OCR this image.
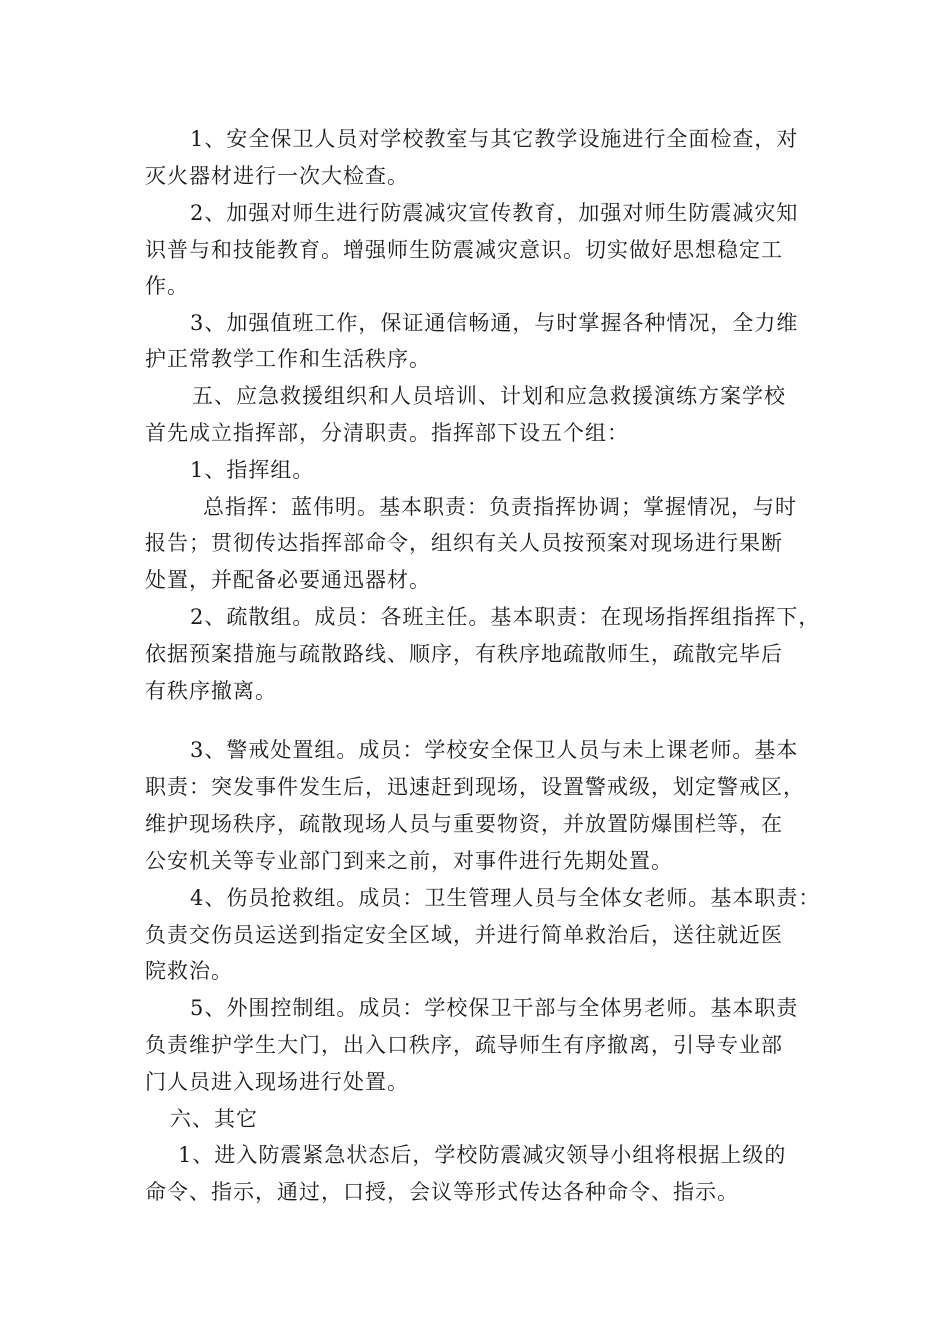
1、安全保卫人员对学校教室与其它教学设施进行全面检查，对
灭火器材进行一次大检查。
2、加强对师生进行防震减灾宣传教育，加强对师生防震减灾知
识普与和技能教育。增强师生防震减灾意识。切实做好思想稳定工
作。
3、加强值班工作，保证通信畅通，与时掌握各种情况，全力维
护正常教学工作和生活秩序。
五、应急救援组织和人员培训、计划和应急救援演练方案学校
首先成立指挥部，分清职责。指挥部下设五个组：
1、指挥组。
总指挥：蓝伟明。基本职责：负责指挥协调；掌握情况，与时
报告；贯彻传达指挥部命令，组织有关人员按预案对现场进行果断
处置，并配备必要通迅器材。
2、疏散组。成员：各班主任。基本职责：在现场指挥组指挥下，
依据预案措施与疏散路线、顺序，有秩序地疏散师生，疏散完毕后
有秩序撤离。
3、警戒处置组。成员：学校安全保卫人员与未上课老师。基本
职责：突发事件发生后，迅速赶到现场，设置警戒级，划定警戒区，
维护现场秩序，疏散现场人员与重要物资，并放置防爆围栏等，在
公安机关等专业部门到来之前，对事件进行先期处置。
4、伤员抢救组。成员：卫生管理人员与全体女老师。基本职责：
负责交伤员运送到指定安全区域，并进行简单救治后，送往就近医
院救治。
5、外围控制组。成员：学校保卫干部与全体男老师。基本职责
负责维护学生大门，出入口秩序，疏导师生有序撤离，引导专业部
门人员进入现场进行处置。
六、其它
1、进入防震紧急状态后，学校防震减灾领导小组将根据上级的
命令、指示，通过，口授，会议等形式传达各种命令、指示。
